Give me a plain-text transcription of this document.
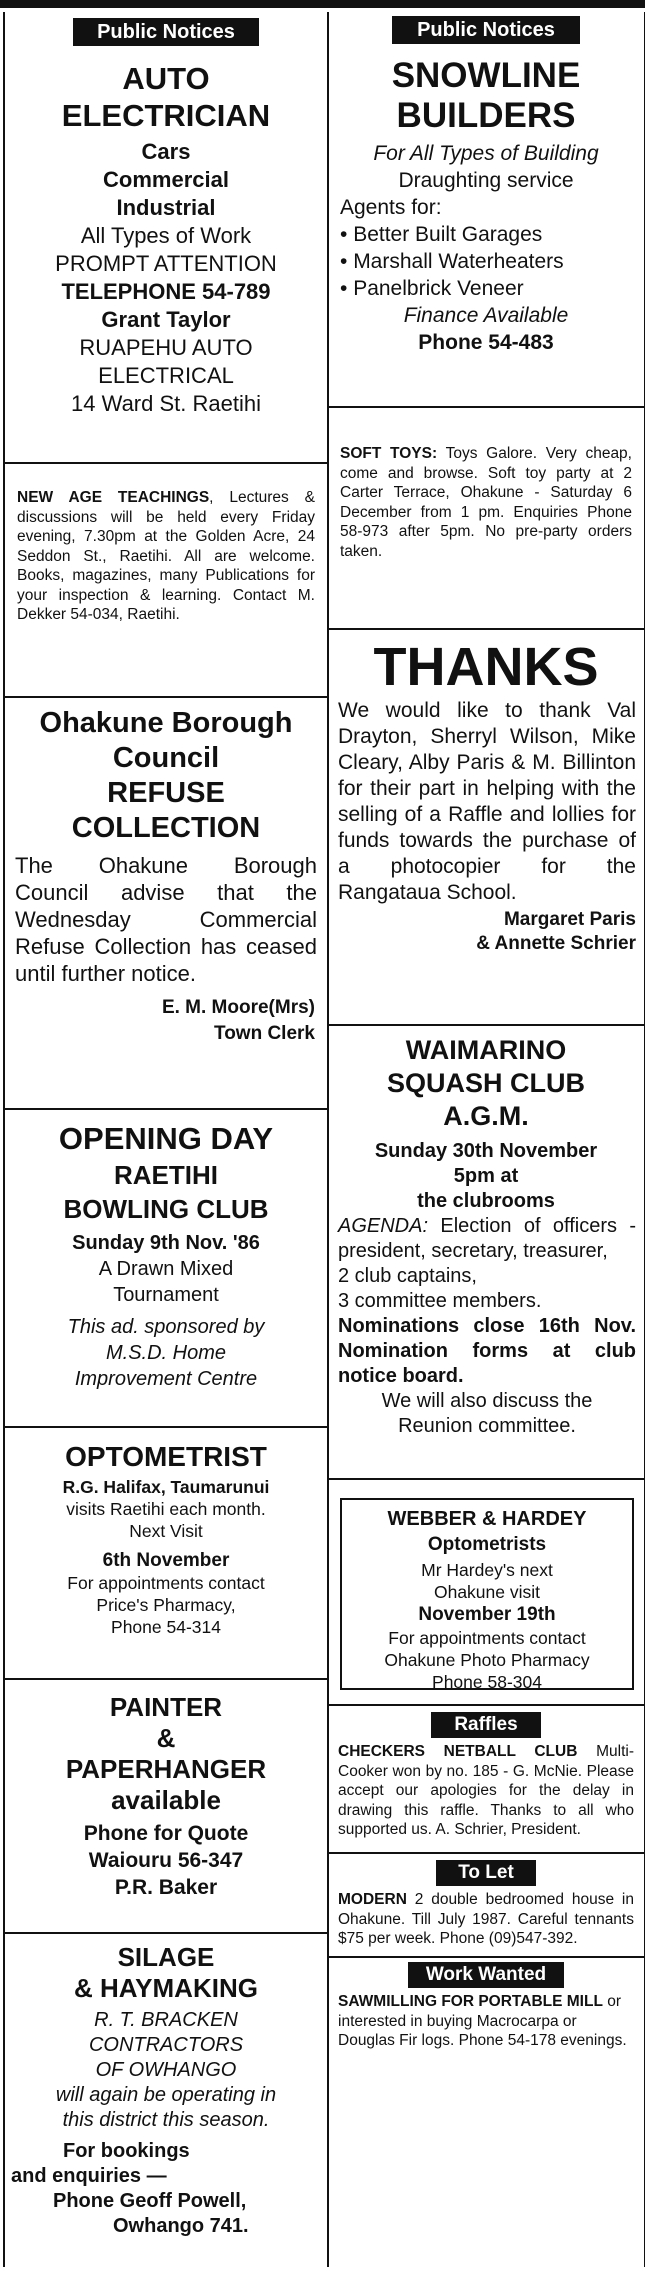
Public Notices
AUTO
ELECTRICIAN
Cars
Commercial
Industrial
All Types of Work
PROMPT ATTENTION
TELEPHONE 54-789
Grant Taylor
RUAPEHU AUTO
ELECTRICAL
14 Ward St. Raetihi
NEW AGE TEACHINGS, Lectures & discussions will be held every Friday evening, 7.30pm at the Golden Acre, 24 Seddon St., Raetihi. All are welcome. Books, magazines, many Publications for your inspection & learning. Contact M. Dekker 54-034, Raetihi.
Ohakune Borough
Council
REFUSE
COLLECTION

The Ohakune Borough Council advise that the Wednesday Commercial Refuse Collection has ceased until further notice.

E. M. Moore(Mrs)
Town Clerk
OPENING DAY
RAETIHI
BOWLING CLUB
Sunday 9th Nov. '86
A Drawn Mixed
Tournament
This ad. sponsored by
M.S.D. Home
Improvement Centre
OPTOMETRIST
R.G. Halifax, Taumarunui
visits Raetihi each month.
Next Visit
6th November
For appointments contact
Price's Pharmacy,
Phone 54-314
PAINTER
&
PAPERHANGER
available
Phone for Quote
Waiouru 56-347
P.R. Baker
SILAGE
& HAYMAKING
R. T. BRACKEN
CONTRACTORS
OF OWHANGO
will again be operating in
this district this season.
For bookings
and enquiries —
Phone Geoff Powell,
Owhango 741.
Public Notices
SNOWLINE
BUILDERS
For All Types of Building
Draughting service
Agents for:
• Better Built Garages
• Marshall Waterheaters
• Panelbrick Veneer
Finance Available
Phone 54-483
SOFT TOYS: Toys Galore. Very cheap, come and browse. Soft toy party at 2 Carter Terrace, Ohakune - Saturday 6 December from 1 pm. Enquiries Phone 58-973 after 5pm. No pre-party orders taken.
THANKS

We would like to thank Val Drayton, Sherryl Wilson, Mike Cleary, Alby Paris & M. Billinton for their part in helping with the selling of a Raffle and lollies for funds towards the purchase of a photocopier for the Rangataua School.

Margaret Paris
& Annette Schrier
WAIMARINO
SQUASH CLUB
A.G.M.
Sunday 30th November
5pm at
the clubrooms

AGENDA: Election of officers - president, secretary, treasurer,

2 club captains,
3 committee members.

Nominations close 16th Nov. Nomination forms at club notice board.

We will also discuss the
Reunion committee.
WEBBER & HARDEY
Optometrists
Mr Hardey's next
Ohakune visit
November 19th
For appointments contact
Ohakune Photo Pharmacy
Phone 58-304
Raffles

CHECKERS NETBALL CLUB Multi-Cooker won by no. 185 - G. McNie. Please accept our apologies for the delay in drawing this raffle. Thanks to all who supported us. A. Schrier, President.

To Let

MODERN 2 double bedroomed house in Ohakune. Till July 1987. Careful tennants $75 per week. Phone (09)547-392.

Work Wanted

SAWMILLING FOR PORTABLE MILL or interested in buying Macrocarpa or Douglas Fir logs. Phone 54-178 evenings.
